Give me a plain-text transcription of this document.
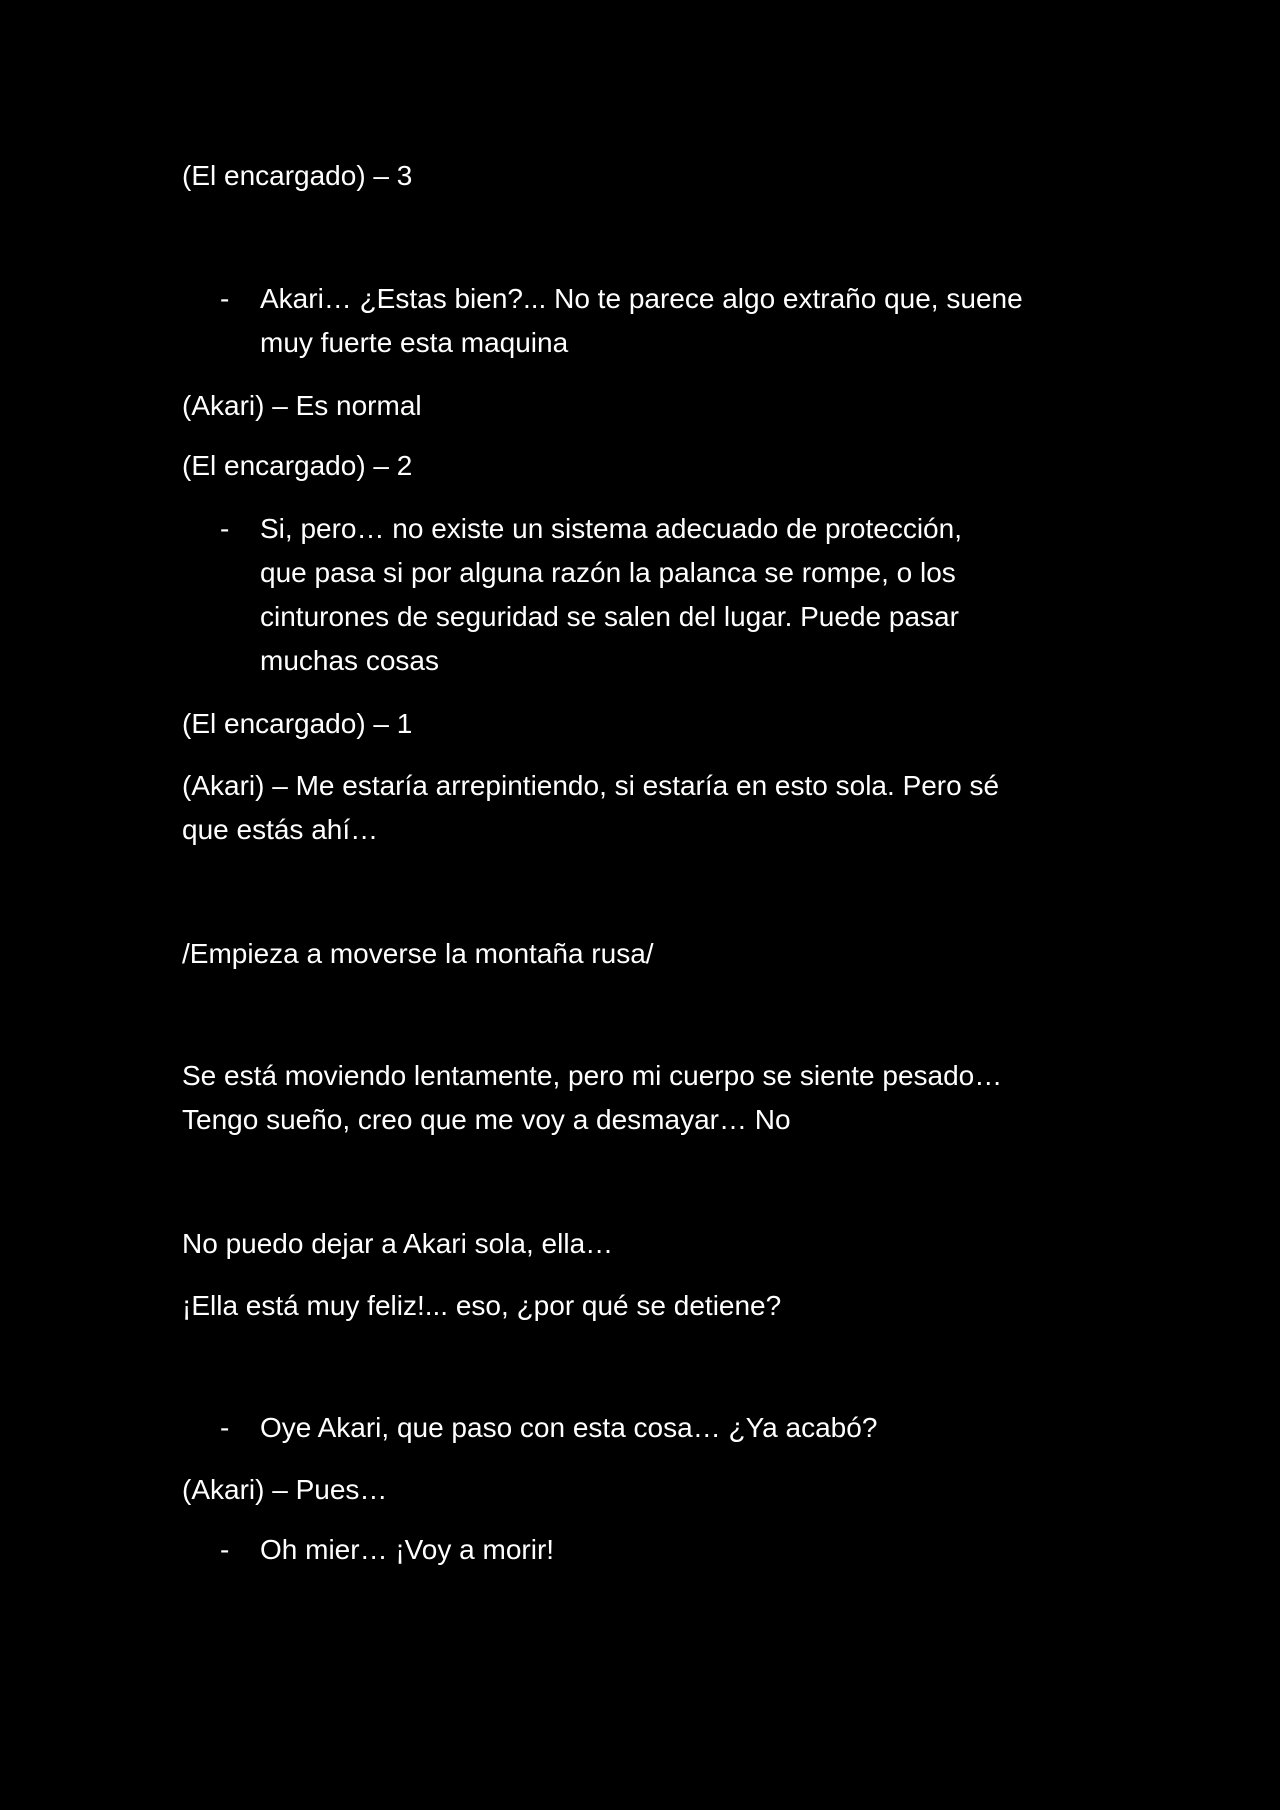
(El encargado) – 3
- Akari… ¿Estas bien?... No te parece algo extraño que, suene
muy fuerte esta maquina
(Akari) – Es normal
(El encargado) – 2
- Si, pero… no existe un sistema adecuado de protección,
que pasa si por alguna razón la palanca se rompe, o los
cinturones de seguridad se salen del lugar. Puede pasar
muchas cosas
(El encargado) – 1
(Akari) – Me estaría arrepintiendo, si estaría en esto sola. Pero sé
que estás ahí…
/Empieza a moverse la montaña rusa/
Se está moviendo lentamente, pero mi cuerpo se siente pesado…
Tengo sueño, creo que me voy a desmayar… No
No puedo dejar a Akari sola, ella…
¡Ella está muy feliz!... eso, ¿por qué se detiene?
- Oye Akari, que paso con esta cosa… ¿Ya acabó?
(Akari) – Pues…
- Oh mier… ¡Voy a morir!
